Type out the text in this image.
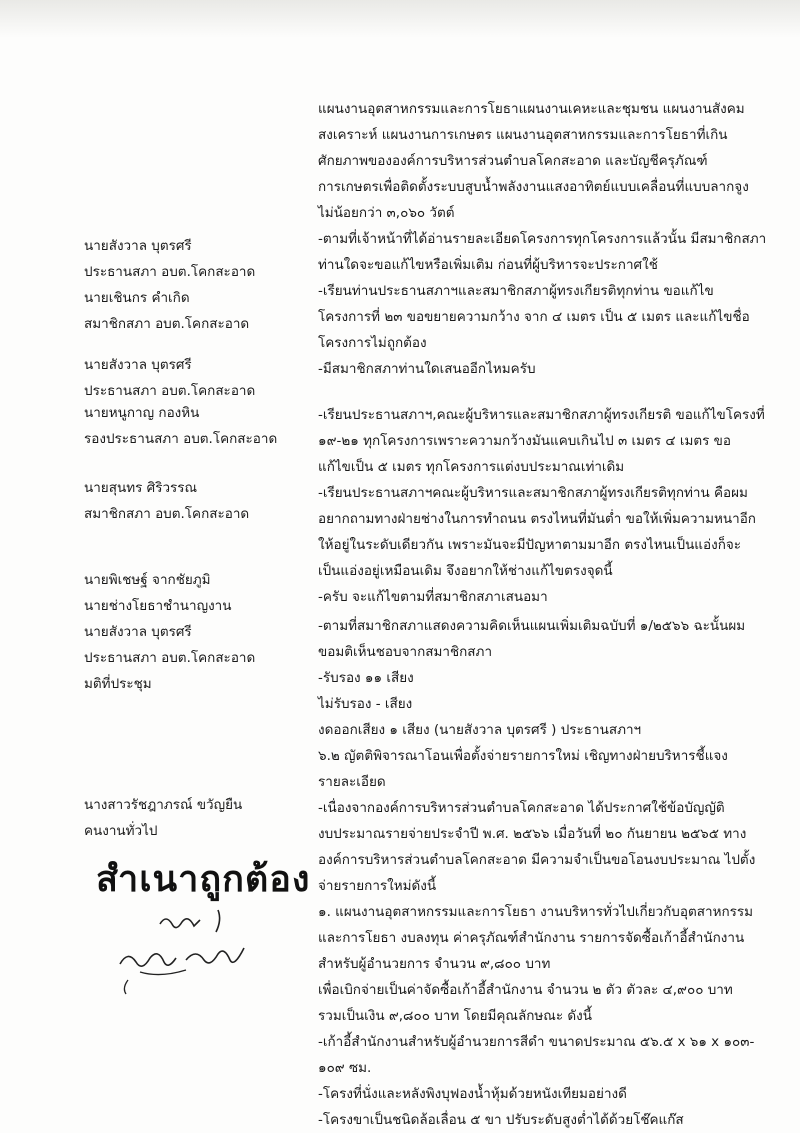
นายสังวาล บุตรศรี
ประธานสภา อบต.โคกสะอาด
นายเชินกร คำเกิด
สมาชิกสภา อบต.โคกสะอาด
นายสังวาล บุตรศรี
ประธานสภา อบต.โคกสะอาด
นายหนูกาญ กองหิน
รองประธานสภา อบต.โคกสะอาด
นายสุนทร ศิริวรรณ
สมาชิกสภา อบต.โคกสะอาด
นายพิเชษฐ์ จากชัยภูมิ
นายช่างโยธาชำนาญงาน
นายสังวาล บุตรศรี
ประธานสภา อบต.โคกสะอาด
มติที่ประชุม
นางสาวรัชฎาภรณ์ ขวัญยืน
คนงานทั่วไป
สำเนาถูกต้อง
แผนงานอุตสาหกรรมและการโยธาแผนงานเคหะและชุมชน แผนงานสังคม
สงเคราะห์ แผนงานการเกษตร แผนงานอุตสาหกรรมและการโยธาที่เกิน
ศักยภาพขององค์การบริหารส่วนตำบลโคกสะอาด และบัญชีครุภัณฑ์
การเกษตรเพื่อติดตั้งระบบสูบน้ำพลังงานแสงอาทิตย์แบบเคลื่อนที่แบบลากจูง
ไม่น้อยกว่า ๓,๐๖๐ วัตต์
-ตามที่เจ้าหน้าที่ได้อ่านรายละเอียดโครงการทุกโครงการแล้วนั้น มีสมาชิกสภา
ท่านใดจะขอแก้ไขหรือเพิ่มเติม ก่อนที่ผู้บริหารจะประกาศใช้
-เรียนท่านประธานสภาฯและสมาชิกสภาผู้ทรงเกียรติทุกท่าน ขอแก้ไข
โครงการที่ ๒๓ ขอขยายความกว้าง จาก ๔ เมตร เป็น ๕ เมตร และแก้ไขชื่อ
โครงการไม่ถูกต้อง
-มีสมาชิกสภาท่านใดเสนออีกไหมครับ
-เรียนประธานสภาฯ,คณะผู้บริหารและสมาชิกสภาผู้ทรงเกียรติ ขอแก้ไขโครงที่
๑๙-๒๑ ทุกโครงการเพราะความกว้างมันแคบเกินไป ๓ เมตร ๔ เมตร ขอ
แก้ไขเป็น ๕ เมตร ทุกโครงการแต่งบประมาณเท่าเดิม
-เรียนประธานสภาฯคณะผู้บริหารและสมาชิกสภาผู้ทรงเกียรติทุกท่าน คือผม
อยากถามทางฝ่ายช่างในการทำถนน ตรงไหนที่มันต่ำ ขอให้เพิ่มความหนาอีก
ให้อยู่ในระดับเดียวกัน เพราะมันจะมีปัญหาตามมาอีก ตรงไหนเป็นแอ่งก็จะ
เป็นแอ่งอยู่เหมือนเดิม จึงอยากให้ช่างแก้ไขตรงจุดนี้
-ครับ จะแก้ไขตามที่สมาชิกสภาเสนอมา
-ตามที่สมาชิกสภาแสดงความคิดเห็นแผนเพิ่มเติมฉบับที่ ๑/๒๕๖๖ ฉะนั้นผม
ขอมติเห็นชอบจากสมาชิกสภา
-รับรอง ๑๑ เสียง
ไม่รับรอง - เสียง
งดออกเสียง ๑ เสียง (นายสังวาล บุตรศรี ) ประธานสภาฯ
๖.๒ ญัตติพิจารณาโอนเพื่อตั้งจ่ายรายการใหม่ เชิญทางฝ่ายบริหารชี้แจง
รายละเอียด
-เนื่องจากองค์การบริหารส่วนตำบลโคกสะอาด ได้ประกาศใช้ข้อบัญญัติ
งบประมาณรายจ่ายประจำปี พ.ศ. ๒๕๖๖ เมื่อวันที่ ๒๐ กันยายน ๒๕๖๕ ทาง
องค์การบริหารส่วนตำบลโคกสะอาด มีความจำเป็นขอโอนงบประมาณ ไปตั้ง
จ่ายรายการใหม่ดังนี้
๑. แผนงานอุตสาหกรรมและการโยธา งานบริหารทั่วไปเกี่ยวกับอุตสาหกรรม
และการโยธา งบลงทุน ค่าครุภัณฑ์สำนักงาน รายการจัดซื้อเก้าอี้สำนักงาน
สำหรับผู้อำนวยการ จำนวน ๙,๘๐๐ บาท
เพื่อเบิกจ่ายเป็นค่าจัดซื้อเก้าอี้สำนักงาน จำนวน ๒ ตัว ตัวละ ๔,๙๐๐ บาท
รวมเป็นเงิน ๙,๘๐๐ บาท โดยมีคุณลักษณะ ดังนี้
-เก้าอี้สำนักงานสำหรับผู้อำนวยการสีดำ ขนาดประมาณ ๕๖.๕ x ๖๑ x ๑๐๓-
๑๐๙ ซม.
-โครงที่นั่งและหลังพิงบุฟองน้ำหุ้มด้วยหนังเทียมอย่างดี
-โครงขาเป็นชนิดล้อเลื่อน ๕ ขา ปรับระดับสูงต่ำได้ด้วยโช๊คแก๊ส
